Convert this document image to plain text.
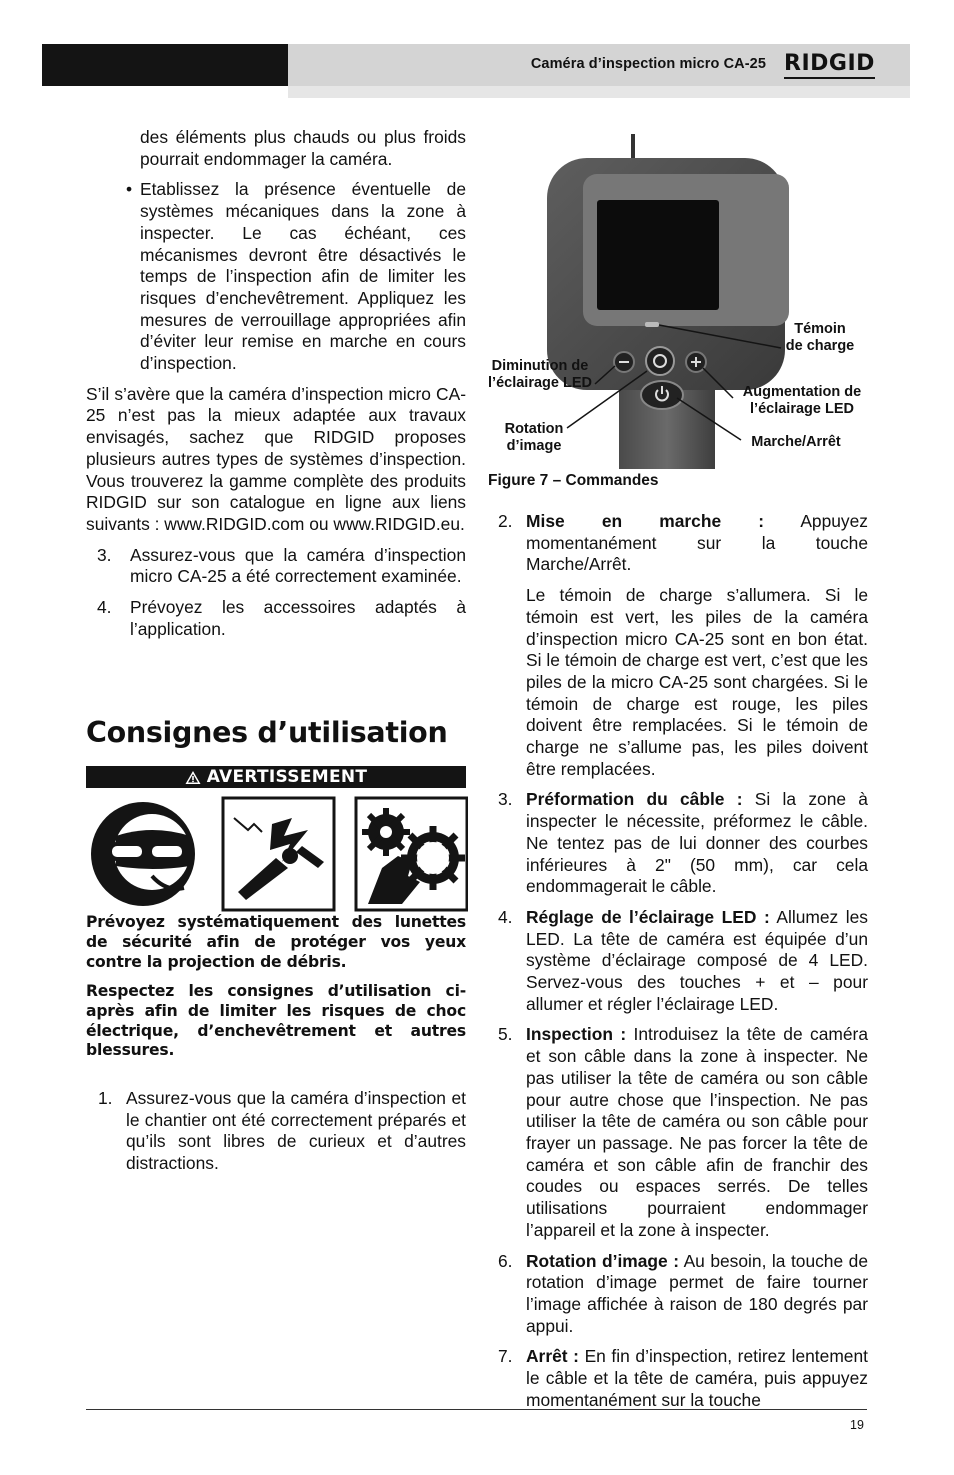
Caméra d’inspection micro CA-25 RIDGID

des éléments plus chauds ou plus froids pourrait endommager la caméra.

• Etablissez la présence éventuelle de systèmes mécaniques dans la zone à inspecter. Le cas échéant, ces mécanismes devront être désactivés le temps de l’inspection afin de limiter les risques d’enchevêtrement. Appliquez les mesures de verrouillage appropriées afin d’éviter leur remise en marche en cours d’inspection.

S’il s’avère que la caméra d’inspection micro CA-25 n’est pas la mieux adaptée aux travaux envisagés, sachez que RIDGID proposes plusieurs autres types de systèmes d’inspection. Vous trouverez la gamme complète des produits RIDGID sur son catalogue en ligne aux liens suivants : www.RIDGID.com ou www.RIDGID.eu.

3. Assurez-vous que la caméra d’inspection micro CA-25 a été correctement examinée.

4. Prévoyez les accessoires adaptés à l’application.

Consignes d’utilisation
AVERTISSEMENT
Prévoyez systématiquement des lunettes de sécurité afin de protéger vos yeux contre la projection de débris.
Respectez les consignes d’utilisation ci-après afin de limiter les risques de choc électrique, d’enchevêtrement et autres blessures.

1. Assurez-vous que la caméra d’inspection et le chantier ont été correctement préparés et qu’ils sont libres de curieux et d’autres distractions.

Témoin de charge
Diminution de l’éclairage LED
Augmentation de l’éclairage LED
Rotation d’image	Marche/Arrêt
Figure 7 – Commandes

2. Mise en marche : Appuyez momentanément sur la touche Marche/Arrêt.

Le témoin de charge s’allumera. Si le témoin est vert, les piles de la caméra d’inspection micro CA-25 sont en bon état. Si le témoin de charge est vert, c’est que les piles de la micro CA-25 sont chargées. Si le témoin de charge est rouge, les piles doivent être remplacées. Si le témoin de charge ne s’allume pas, les piles doivent être remplacées.

3. Préformation du câble : Si la zone à inspecter le nécessite, préformez le câble. Ne tentez pas de lui donner des courbes inférieures à 2" (50 mm), car cela endommagerait le câble.

4. Réglage de l’éclairage LED : Allumez les LED. La tête de caméra est équipée d’un système d’éclairage composé de 4 LED. Servez-vous des touches + et – pour allumer et régler l’éclairage LED.

5. Inspection : Introduisez la tête de caméra et son câble dans la zone à inspecter. Ne pas utiliser la tête de caméra ou son câble pour autre chose que l’inspection. Ne pas utiliser la tête de caméra ou son câble pour frayer un passage. Ne pas forcer la tête de caméra et son câble afin de franchir des coudes ou espaces serrés. De telles utilisations pourraient endommager l’appareil et la zone à inspecter.

6. Rotation d’image : Au besoin, la touche de rotation d’image permet de faire tourner l’image affichée à raison de 180 degrés par appui.

7. Arrêt : En fin d’inspection, retirez lentement le câble et la tête de caméra, puis appuyez momentanément sur la touche

19
